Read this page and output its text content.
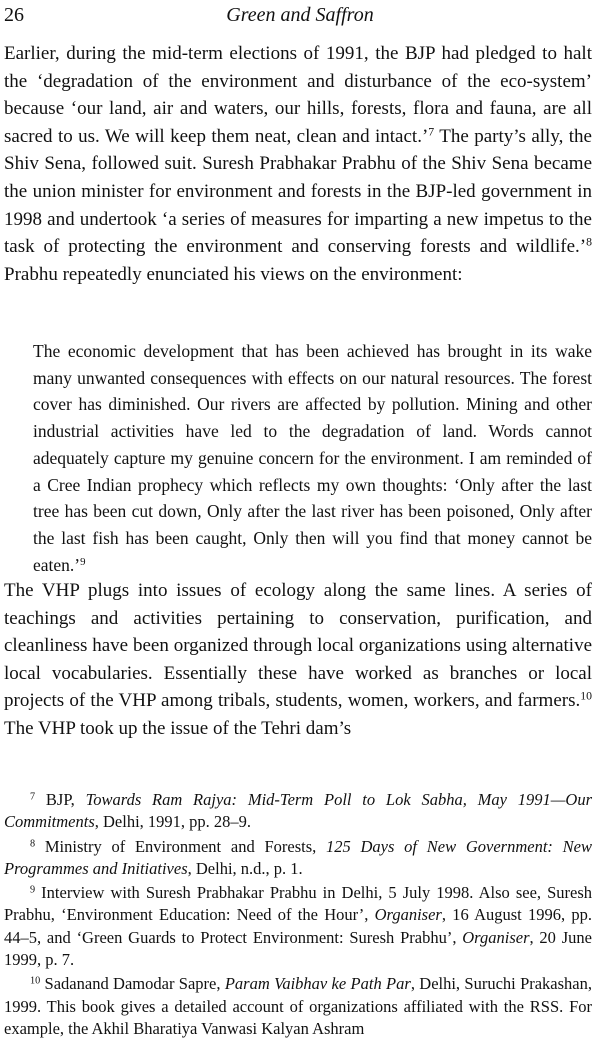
26	Green and Saffron

Earlier, during the mid-term elections of 1991, the BJP had pledged to halt the ‘degradation of the environment and disturbance of the eco-system’ because ‘our land, air and waters, our hills, forests, flora and fauna, are all sacred to us. We will keep them neat, clean and intact.’$^7$ The party’s ally, the Shiv Sena, followed suit. Suresh Prabhakar Prabhu of the Shiv Sena became the union minister for environment and forests in the BJP-led government in 1998 and undertook ‘a series of measures for imparting a new impetus to the task of protecting the environment and conserving forests and wildlife.’$^8$ Prabhu repeatedly enunciated his views on the environment:

The economic development that has been achieved has brought in its wake many unwanted consequences with effects on our natural resources. The forest cover has diminished. Our rivers are affected by pollution. Mining and other industrial activities have led to the degradation of land. Words cannot adequately capture my genuine concern for the environment. I am reminded of a Cree Indian prophecy which reflects my own thoughts: ‘Only after the last tree has been cut down, Only after the last river has been poisoned, Only after the last fish has been caught, Only then will you find that money cannot be eaten.’$^9$

The VHP plugs into issues of ecology along the same lines. A series of teachings and activities pertaining to conservation, purification, and cleanliness have been organized through local organizations using alternative local vocabularies. Essentially these have worked as branches or local projects of the VHP among tribals, students, women, workers, and farmers.$^{10}$ The VHP took up the issue of the Tehri dam’s

$^7$ BJP, Towards Ram Rajya: Mid-Term Poll to Lok Sabha, May 1991—Our Commitments, Delhi, 1991, pp. 28–9.

$^8$ Ministry of Environment and Forests, 125 Days of New Government: New Programmes and Initiatives, Delhi, n.d., p. 1.

$^9$ Interview with Suresh Prabhakar Prabhu in Delhi, 5 July 1998. Also see, Suresh Prabhu, ‘Environment Education: Need of the Hour’, Organiser, 16 August 1996, pp. 44–5, and ‘Green Guards to Protect Environment: Suresh Prabhu’, Organiser, 20 June 1999, p. 7.

$^{10}$ Sadanand Damodar Sapre, Param Vaibhav ke Path Par, Delhi, Suruchi Prakashan, 1999. This book gives a detailed account of organizations affiliated with the RSS. For example, the Akhil Bharatiya Vanwasi Kalyan Ashram
